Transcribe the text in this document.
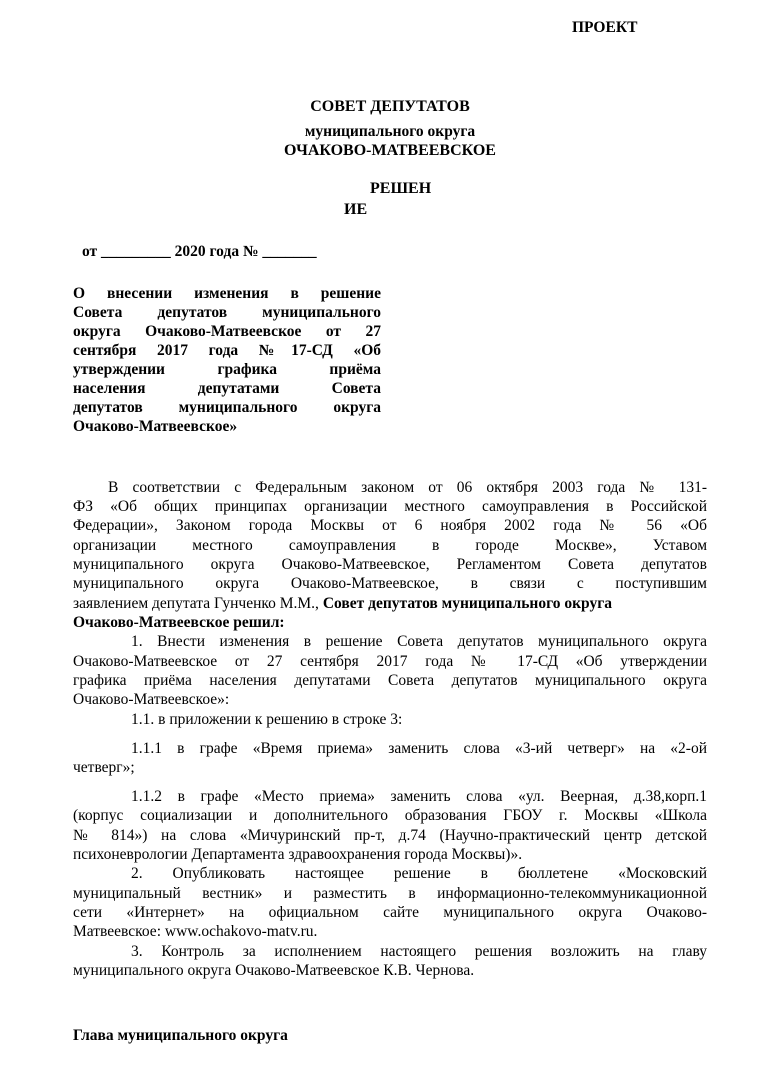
ПРОЕКТ
СОВЕТ ДЕПУТАТОВ
муниципального округа
ОЧАКОВО-МАТВЕЕВСКОЕ
РЕШЕН
ИЕ
от _________ 2020 года № _______
О внесении изменения в решение
Совета депутатов муниципального
округа Очаково-Матвеевское от 27
сентября 2017 года №17-СД «Об
утверждении графика приёма
населения депутатами Совета
депутатов муниципального округа
Очаково-Матвеевское»
В соответствии с Федеральным законом от 06 октября 2003 года № 131-
ФЗ «Об общих принципах организации местного самоуправления в Российской
Федерации», Законом города Москвы от 6 ноября 2002 года № 56 «Об
организации местного самоуправления в городе Москве», Уставом
муниципального округа Очаково-Матвеевское, Регламентом Совета депутатов
муниципального округа Очаково-Матвеевское, в связи с поступившим
заявлением депутата Гунченко М.М., Совет депутатов муниципального округа
Очаково-Матвеевское решил:
1. Внести изменения в решение Совета депутатов муниципального округа
Очаково-Матвеевское от 27 сентября 2017 года № 17-СД «Об утверждении
графика приёма населения депутатами Совета депутатов муниципального округа
Очаково-Матвеевское»:
1.1. в приложении к решению в строке 3:
1.1.1 в графе «Время приема» заменить слова «3-ий четверг» на «2-ой
четверг»;
1.1.2 в графе «Место приема» заменить слова «ул. Веерная, д.38,корп.1
(корпус социализации и дополнительного образования ГБОУ г. Москвы «Школа
№ 814») на слова «Мичуринский пр-т, д.74 (Научно-практический центр детской
психоневрологии Департамента здравоохранения города Москвы)».
2. Опубликовать настоящее решение в бюллетене «Московский
муниципальный вестник» и разместить в информационно-телекоммуникационной
сети «Интернет» на официальном сайте муниципального округа Очаково-
Матвеевское: www.ochakovo-matv.ru.
3. Контроль за исполнением настоящего решения возложить на главу
муниципального округа Очаково-Матвеевское К.В. Чернова.
Глава муниципального округа
